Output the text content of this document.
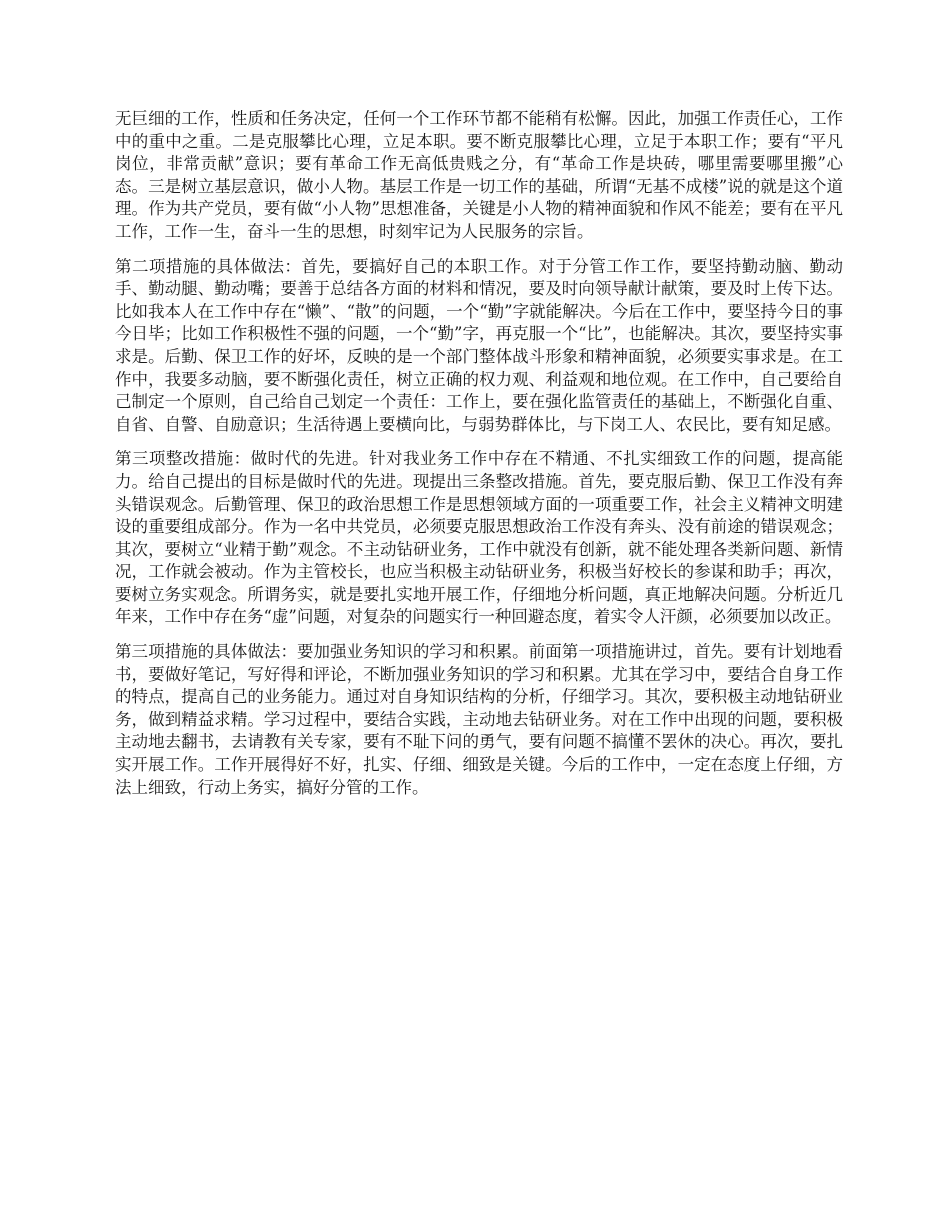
无巨细的工作，性质和任务决定，任何一个工作环节都不能稍有松懈。因此，加强工作责任心，工作中的重中之重。二是克服攀比心理，立足本职。要不断克服攀比心理，立足于本职工作；要有“平凡岗位，非常贡献”意识；要有革命工作无高低贵贱之分，有“革命工作是块砖，哪里需要哪里搬”心态。三是树立基层意识，做小人物。基层工作是一切工作的基础，所谓“无基不成楼”说的就是这个道理。作为共产党员，要有做“小人物”思想准备，关键是小人物的精神面貌和作风不能差；要有在平凡工作，工作一生，奋斗一生的思想，时刻牢记为人民服务的宗旨。

第二项措施的具体做法：首先，要搞好自己的本职工作。对于分管工作工作，要坚持勤动脑、勤动手、勤动腿、勤动嘴；要善于总结各方面的材料和情况，要及时向领导献计献策，要及时上传下达。比如我本人在工作中存在“懒”、“散”的问题，一个“勤”字就能解决。今后在工作中，要坚持今日的事今日毕；比如工作积极性不强的问题，一个“勤”字，再克服一个“比”，也能解决。其次，要坚持实事求是。后勤、保卫工作的好坏，反映的是一个部门整体战斗形象和精神面貌，必须要实事求是。在工作中，我要多动脑，要不断强化责任，树立正确的权力观、利益观和地位观。在工作中，自己要给自己制定一个原则，自己给自己划定一个责任：工作上，要在强化监管责任的基础上，不断强化自重、自省、自警、自励意识；生活待遇上要横向比，与弱势群体比，与下岗工人、农民比，要有知足感。

第三项整改措施：做时代的先进。针对我业务工作中存在不精通、不扎实细致工作的问题，提高能力。给自己提出的目标是做时代的先进。现提出三条整改措施。首先，要克服后勤、保卫工作没有奔头错误观念。后勤管理、保卫的政治思想工作是思想领域方面的一项重要工作，社会主义精神文明建设的重要组成部分。作为一名中共党员，必须要克服思想政治工作没有奔头、没有前途的错误观念；其次，要树立“业精于勤”观念。不主动钻研业务，工作中就没有创新，就不能处理各类新问题、新情况，工作就会被动。作为主管校长，也应当积极主动钻研业务，积极当好校长的参谋和助手；再次，要树立务实观念。所谓务实，就是要扎实地开展工作，仔细地分析问题，真正地解决问题。分析近几年来，工作中存在务“虚”问题，对复杂的问题实行一种回避态度，着实令人汗颜，必须要加以改正。

第三项措施的具体做法：要加强业务知识的学习和积累。前面第一项措施讲过，首先。要有计划地看书，要做好笔记，写好得和评论，不断加强业务知识的学习和积累。尤其在学习中，要结合自身工作的特点，提高自己的业务能力。通过对自身知识结构的分析，仔细学习。其次，要积极主动地钻研业务，做到精益求精。学习过程中，要结合实践，主动地去钻研业务。对在工作中出现的问题，要积极主动地去翻书，去请教有关专家，要有不耻下问的勇气，要有问题不搞懂不罢休的决心。再次，要扎实开展工作。工作开展得好不好，扎实、仔细、细致是关键。今后的工作中，一定在态度上仔细，方法上细致，行动上务实，搞好分管的工作。
